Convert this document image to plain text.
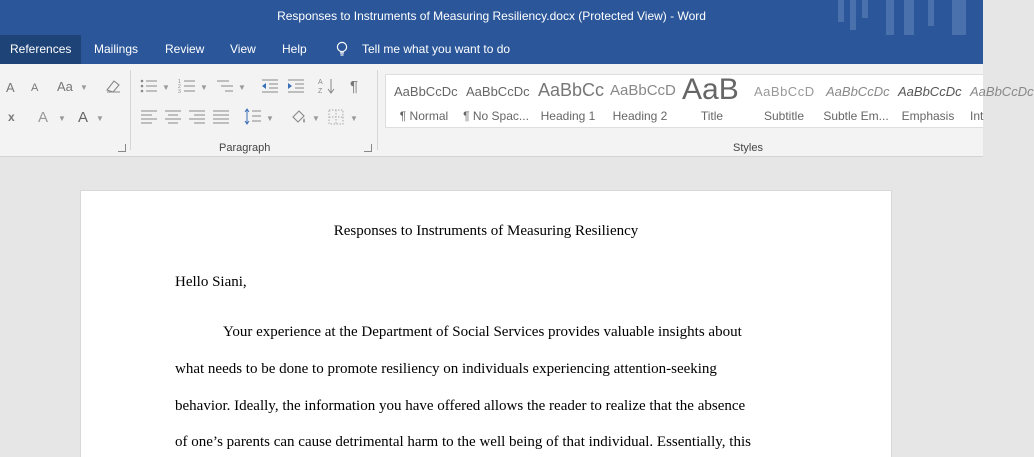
Responses to Instruments of Measuring Resiliency.docx (Protected View) - Word
References	Mailings Review View Help	Tell me what you want to do
A A Aa ▼
x A ▼ A ▼
▼
1
2
3 ▼	▼
A
Z ¶
▼	▼	▼
Paragraph	Styles
AaBbCcDc
¶ Normal
AaBbCcDc
¶ No Spac...
AaBbCc
Heading 1
AaBbCcD
Heading 2
AaB
Title
AaBbCcD
Subtitle
AaBbCcDc
Subtle Em...
AaBbCcDc
Emphasis
AaBbCcDc
Int
Responses to Instruments of Measuring Resiliency
Hello Siani,
Your experience at the Department of Social Services provides valuable insights about
what needs to be done to promote resiliency on individuals experiencing attention-seeking
behavior. Ideally, the information you have offered allows the reader to realize that the absence
of one’s parents can cause detrimental harm to the well being of that individual. Essentially, this
